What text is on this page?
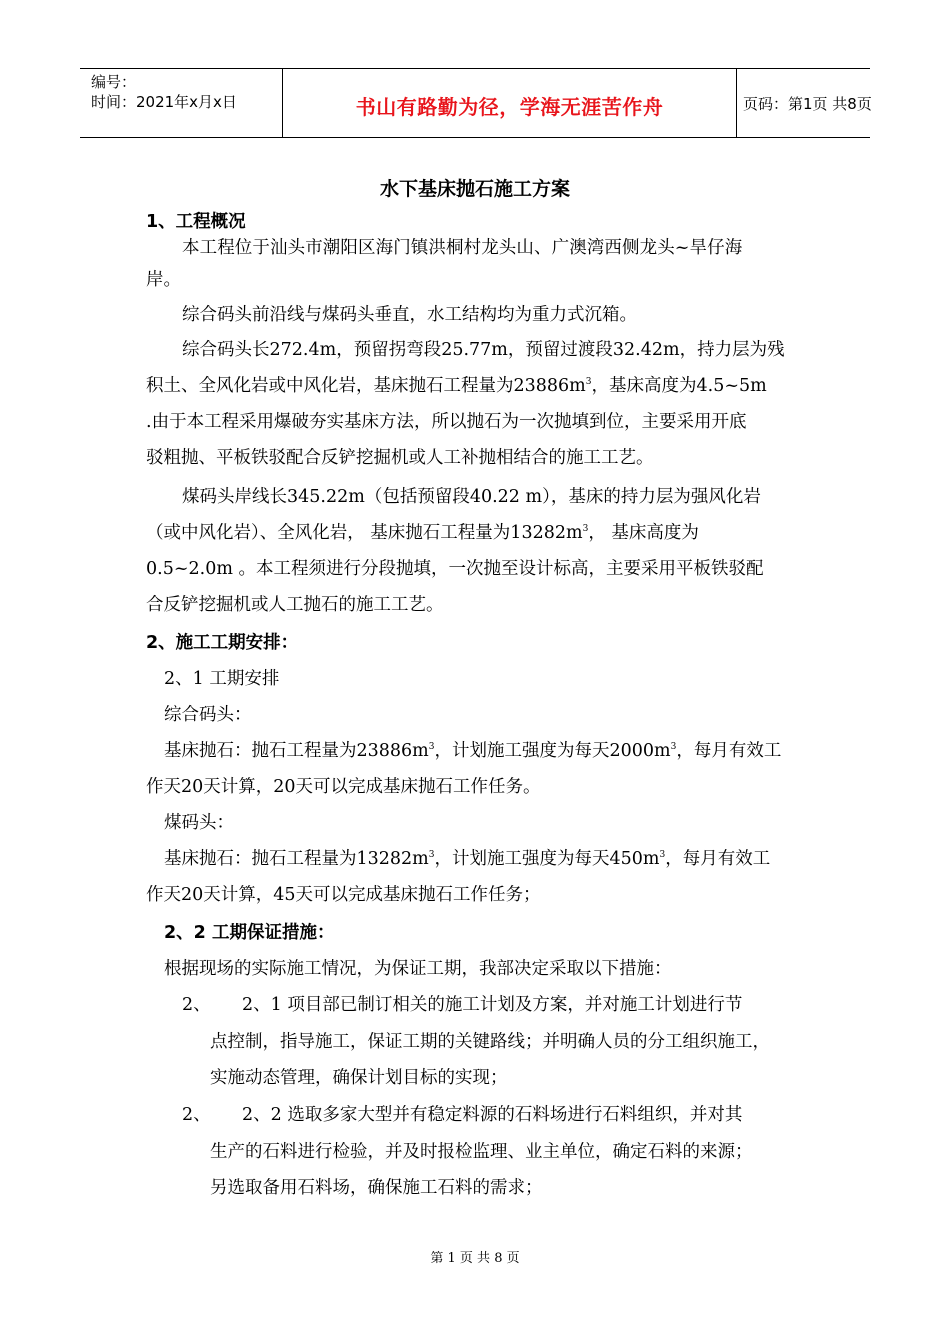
编号：
时间：2021年x月x日	书山有路勤为径，学海无涯苦作舟	页码：第1页 共8页
水下基床抛石施工方案
1、工程概况
本工程位于汕头市潮阳区海门镇洪桐村龙头山、广澳湾西侧龙头~旱仔海
岸。
综合码头前沿线与煤码头垂直，水工结构均为重力式沉箱。
综合码头长272.4m，预留拐弯段25.77m，预留过渡段32.42m，持力层为残
积土、全风化岩或中风化岩，基床抛石工程量为$23886m^3$，基床高度为4.5~5m
.由于本工程采用爆破夯实基床方法，所以抛石为一次抛填到位，主要采用开底
驳粗抛、平板铁驳配合反铲挖掘机或人工补抛相结合的施工工艺。
煤码头岸线长345.22m（包括预留段40.22 m），基床的持力层为强风化岩
（或中风化岩）、全风化岩， 基床抛石工程量为$13282m^3$， 基床高度为
0.5~2.0m 。本工程须进行分段抛填，一次抛至设计标高，主要采用平板铁驳配
合反铲挖掘机或人工抛石的施工工艺。
2、施工工期安排：
2、1 工期安排
综合码头：
基床抛石：抛石工程量为$23886m^3$，计划施工强度为每天$2000m^3$，每月有效工
作天20天计算，20天可以完成基床抛石工作任务。
煤码头：
基床抛石：抛石工程量为$13282m^3$，计划施工强度为每天$450m^3$，每月有效工
作天20天计算，45天可以完成基床抛石工作任务；
2、2 工期保证措施：
根据现场的实际施工情况，为保证工期，我部决定采取以下措施：
2、 2、1 项目部已制订相关的施工计划及方案，并对施工计划进行节
点控制，指导施工，保证工期的关键路线；并明确人员的分工组织施工，
实施动态管理，确保计划目标的实现；
2、 2、2 选取多家大型并有稳定料源的石料场进行石料组织，并对其
生产的石料进行检验，并及时报检监理、业主单位，确定石料的来源；
另选取备用石料场，确保施工石料的需求；
第 1 页 共 8 页
